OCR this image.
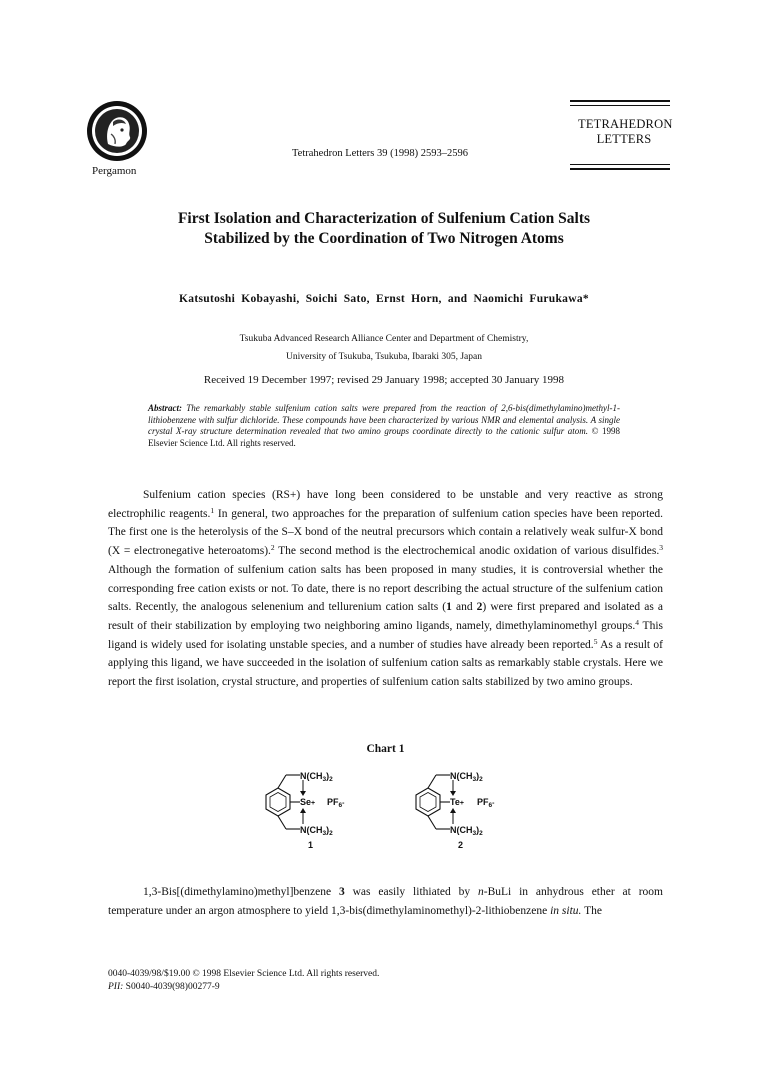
Pergamon
Tetrahedron Letters 39 (1998) 2593–2596
TETRAHEDRON
LETTERS
First Isolation and Characterization of Sulfenium Cation Salts
Stabilized by the Coordination of Two Nitrogen Atoms
Katsutoshi Kobayashi, Soichi Sato, Ernst Horn, and Naomichi Furukawa*
Tsukuba Advanced Research Alliance Center and Department of Chemistry,
University of Tsukuba, Tsukuba, Ibaraki 305, Japan
Received 19 December 1997; revised 29 January 1998; accepted 30 January 1998
Abstract: The remarkably stable sulfenium cation salts were prepared from the reaction of 2,6-bis(dimethylamino)methyl-1-lithiobenzene with sulfur dichloride. These compounds have been characterized by various NMR and elemental analysis. A single crystal X-ray structure determination revealed that two amino groups coordinate directly to the cationic sulfur atom. © 1998 Elsevier Science Ltd. All rights reserved.
Sulfenium cation species (RS+) have long been considered to be unstable and very reactive as strong electrophilic reagents.$^1$ In general, two approaches for the preparation of sulfenium cation species have been reported. The first one is the heterolysis of the S–X bond of the neutral precursors which contain a relatively weak sulfur-X bond (X = electronegative heteroatoms).$^2$ The second method is the electrochemical anodic oxidation of various disulfides.$^3$ Although the formation of sulfenium cation salts has been proposed in many studies, it is controversial whether the corresponding free cation exists or not. To date, there is no report describing the actual structure of the sulfenium cation salts. Recently, the analogous selenenium and tellurenium cation salts (1 and 2) were first prepared and isolated as a result of their stabilization by employing two neighboring amino ligands, namely, dimethylaminomethyl groups.$^4$ This ligand is widely used for isolating unstable species, and a number of studies have already been reported.$^5$ As a result of applying this ligand, we have succeeded in the isolation of sulfenium cation salts as remarkably stable crystals. Here we report the first isolation, crystal structure, and properties of sulfenium cation salts stabilized by two amino groups.
Chart 1
$N(CH_3)_2$
$Se+ PF_6^-$
$N(CH_3)_2$
1
$N(CH_3)_2$
$Te+ PF_6^-$
$N(CH_3)_2$
2
1,3-Bis[(dimethylamino)methyl]benzene 3 was easily lithiated by n-BuLi in anhydrous ether at room temperature under an argon atmosphere to yield 1,3-bis(dimethylaminomethyl)-2-lithiobenzene in situ. The
0040-4039/98/$19.00 © 1998 Elsevier Science Ltd. All rights reserved.
PII: S0040-4039(98)00277-9
